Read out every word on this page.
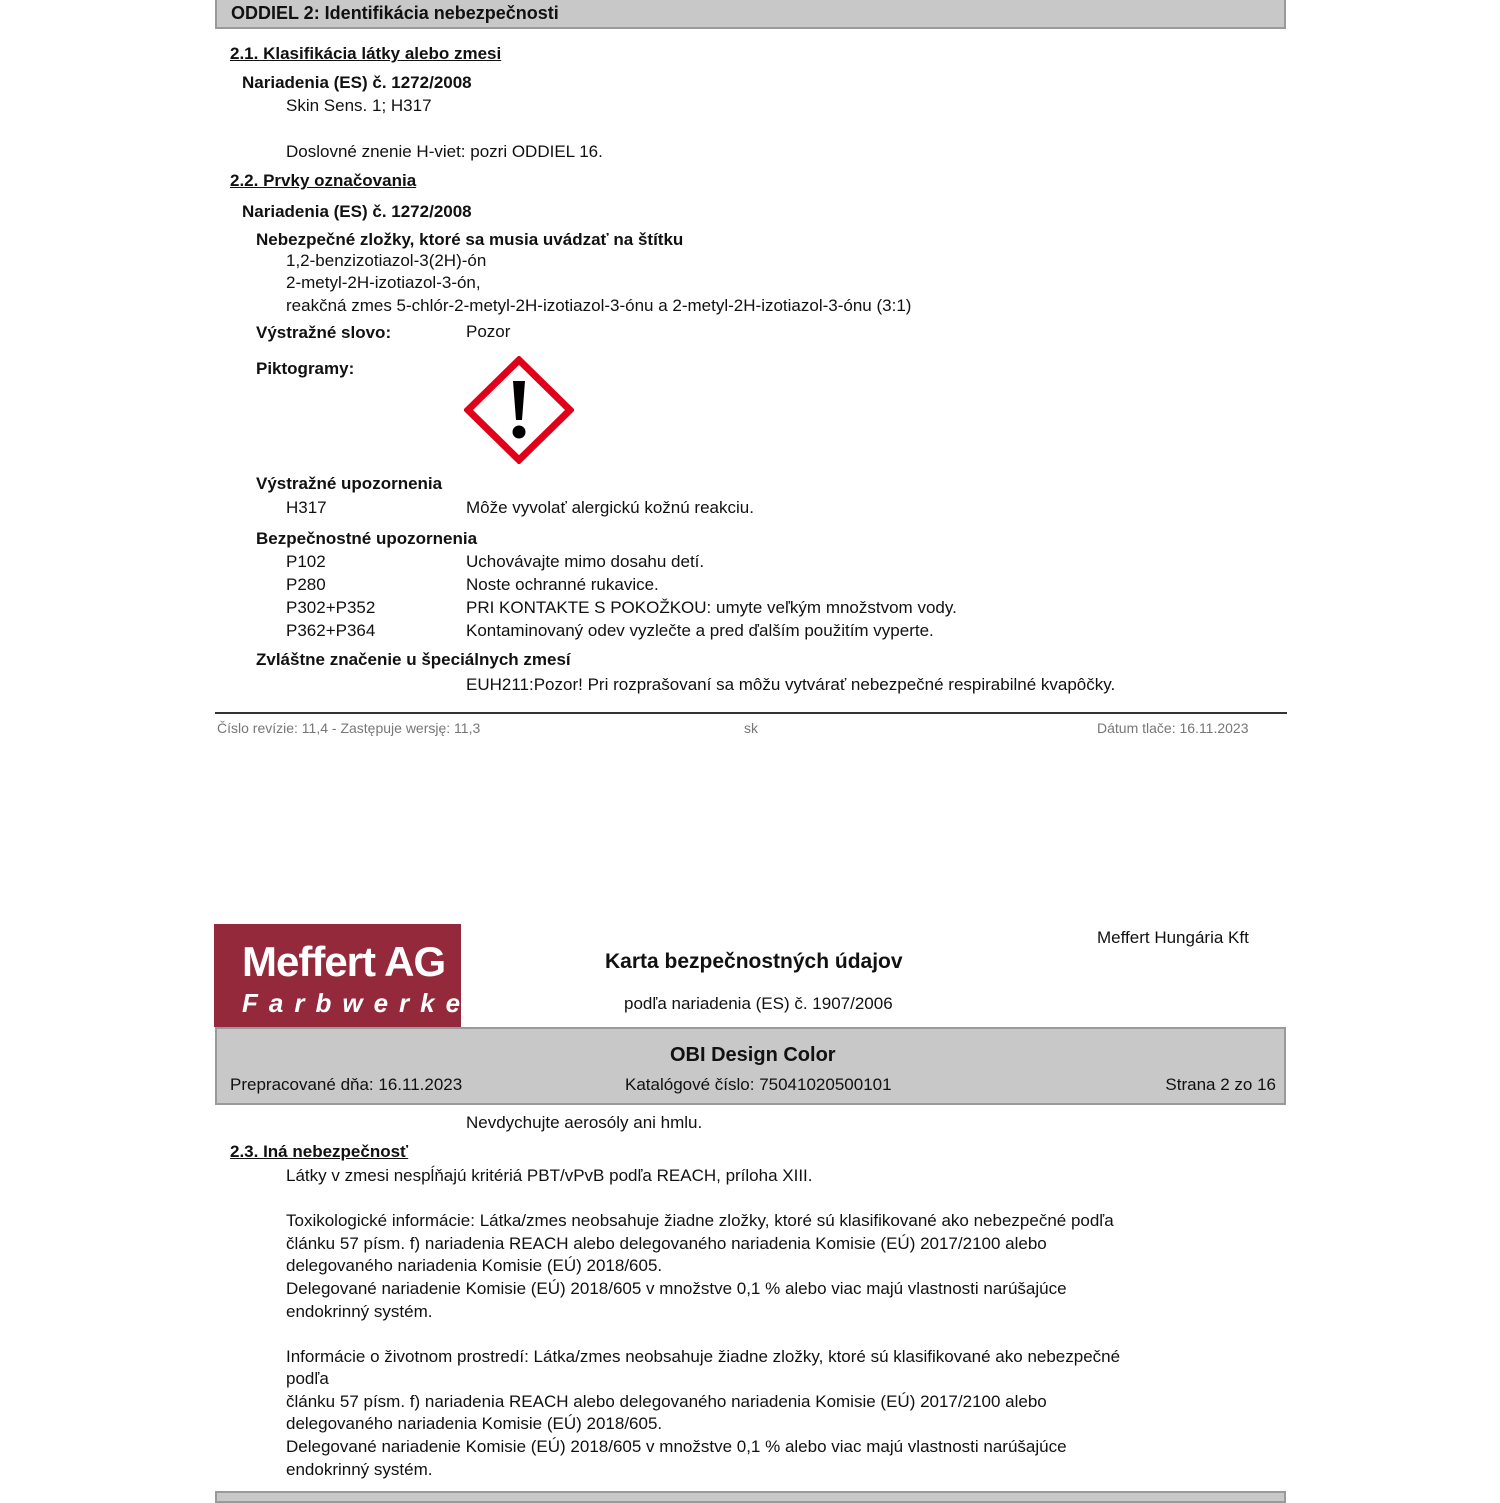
ODDIEL 2: Identifikácia nebezpečnosti
2.1. Klasifikácia látky alebo zmesi
Nariadenia (ES) č. 1272/2008
Skin Sens. 1; H317
Doslovné znenie H-viet: pozri ODDIEL 16.
2.2. Prvky označovania
Nariadenia (ES) č. 1272/2008
Nebezpečné zložky, ktoré sa musia uvádzať na štítku
1,2-benzizotiazol-3(2H)-ón
2-metyl-2H-izotiazol-3-ón,
reakčná zmes 5-chlór-2-metyl-2H-izotiazol-3-ónu a 2-metyl-2H-izotiazol-3-ónu (3:1)
Výstražné slovo:	Pozor
Piktogramy:
Výstražné upozornenia
H317	Môže vyvolať alergickú kožnú reakciu.
Bezpečnostné upozornenia
P102	Uchovávajte mimo dosahu detí.
P280	Noste ochranné rukavice.
P302+P352	PRI KONTAKTE S POKOŽKOU: umyte veľkým množstvom vody.
P362+P364	Kontaminovaný odev vyzlečte a pred ďalším použitím vyperte.
Zvláštne značenie u špeciálnych zmesí
EUH211:Pozor! Pri rozprašovaní sa môžu vytvárať nebezpečné respirabilné kvapôčky.
Číslo revízie: 11,4 - Zastępuje wersję: 11,3	sk	Dátum tlače: 16.11.2023
Meffert AG
Farbwerke
Meffert Hungária Kft
Karta bezpečnostných údajov
podľa nariadenia (ES) č. 1907/2006
OBI Design Color
Prepracované dňa: 16.11.2023	Katalógové číslo: 75041020500101	Strana 2 zo 16
Nevdychujte aerosóly ani hmlu.
2.3. Iná nebezpečnosť
Látky v zmesi nespĺňajú kritériá PBT/vPvB podľa REACH, príloha XIII.
Toxikologické informácie: Látka/zmes neobsahuje žiadne zložky, ktoré sú klasifikované ako nebezpečné podľa
článku 57 písm. f) nariadenia REACH alebo delegovaného nariadenia Komisie (EÚ) 2017/2100 alebo
delegovaného nariadenia Komisie (EÚ) 2018/605.
Delegované nariadenie Komisie (EÚ) 2018/605 v množstve 0,1 % alebo viac majú vlastnosti narúšajúce
endokrinný systém.
Informácie o životnom prostredí: Látka/zmes neobsahuje žiadne zložky, ktoré sú klasifikované ako nebezpečné
podľa
článku 57 písm. f) nariadenia REACH alebo delegovaného nariadenia Komisie (EÚ) 2017/2100 alebo
delegovaného nariadenia Komisie (EÚ) 2018/605.
Delegované nariadenie Komisie (EÚ) 2018/605 v množstve 0,1 % alebo viac majú vlastnosti narúšajúce
endokrinný systém.
